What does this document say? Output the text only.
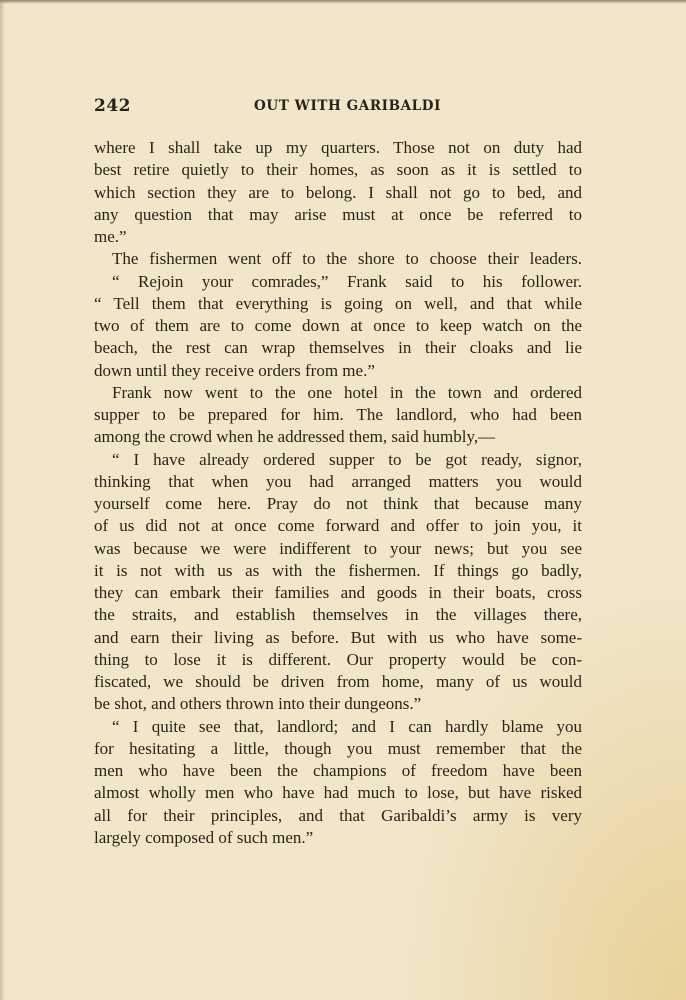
242	OUT WITH GARIBALDI
where I shall take up my quarters. Those not on duty had
best retire quietly to their homes, as soon as it is settled to
which section they are to belong. I shall not go to bed, and
any question that may arise must at once be referred to
me.”
The fishermen went off to the shore to choose their leaders.
“ Rejoin your comrades,” Frank said to his follower.
“ Tell them that everything is going on well, and that while
two of them are to come down at once to keep watch on the
beach, the rest can wrap themselves in their cloaks and lie
down until they receive orders from me.”
Frank now went to the one hotel in the town and ordered
supper to be prepared for him. The landlord, who had been
among the crowd when he addressed them, said humbly,—
“ I have already ordered supper to be got ready, signor,
thinking that when you had arranged matters you would
yourself come here. Pray do not think that because many
of us did not at once come forward and offer to join you, it
was because we were indifferent to your news; but you see
it is not with us as with the fishermen. If things go badly,
they can embark their families and goods in their boats, cross
the straits, and establish themselves in the villages there,
and earn their living as before. But with us who have some-
thing to lose it is different. Our property would be con-
fiscated, we should be driven from home, many of us would
be shot, and others thrown into their dungeons.”
“ I quite see that, landlord; and I can hardly blame you
for hesitating a little, though you must remember that the
men who have been the champions of freedom have been
almost wholly men who have had much to lose, but have risked
all for their principles, and that Garibaldi’s army is very
largely composed of such men.”
